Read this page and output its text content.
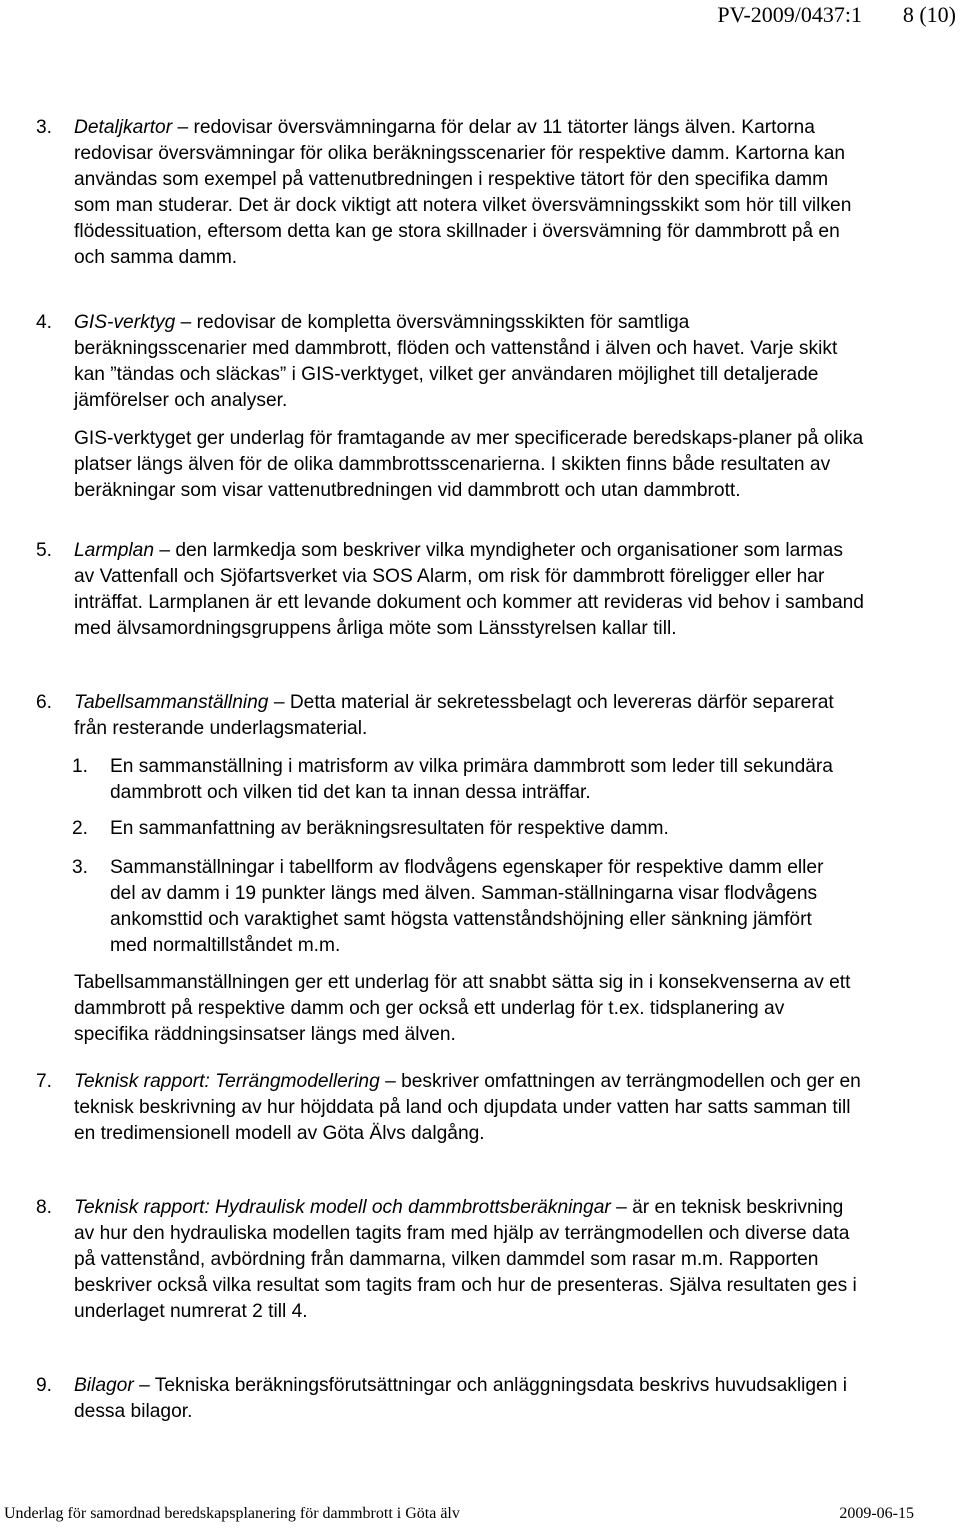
PV-2009/0437:1 8 (10)
3. Detaljkartor – redovisar översvämningarna för delar av 11 tätorter längs älven. Kartorna redovisar översvämningar för olika beräkningsscenarier för respektive damm. Kartorna kan användas som exempel på vattenutbredningen i respektive tätort för den specifika damm som man studerar. Det är dock viktigt att notera vilket översvämningsskikt som hör till vilken flödessituation, eftersom detta kan ge stora skillnader i översvämning för dammbrott på en och samma damm.

4. GIS-verktyg – redovisar de kompletta översvämningsskikten för samtliga beräkningsscenarier med dammbrott, flöden och vattenstånd i älven och havet. Varje skikt kan ”tändas och släckas” i GIS-verktyget, vilket ger användaren möjlighet till detaljerade jämförelser och analyser.

GIS-verktyget ger underlag för framtagande av mer specificerade beredskaps-planer på olika platser längs älven för de olika dammbrottsscenarierna. I skikten finns både resultaten av beräkningar som visar vattenutbredningen vid dammbrott och utan dammbrott.

5. Larmplan – den larmkedja som beskriver vilka myndigheter och organisationer som larmas av Vattenfall och Sjöfartsverket via SOS Alarm, om risk för dammbrott föreligger eller har inträffat. Larmplanen är ett levande dokument och kommer att revideras vid behov i samband med älvsamordningsgruppens årliga möte som Länsstyrelsen kallar till.

6. Tabellsammanställning – Detta material är sekretessbelagt och levereras därför separerat från resterande underlagsmaterial.

1. En sammanställning i matrisform av vilka primära dammbrott som leder till sekundära dammbrott och vilken tid det kan ta innan dessa inträffar.

2. En sammanfattning av beräkningsresultaten för respektive damm.

3. Sammanställningar i tabellform av flodvågens egenskaper för respektive damm eller del av damm i 19 punkter längs med älven. Samman-ställningarna visar flodvågens ankomsttid och varaktighet samt högsta vattenståndshöjning eller sänkning jämfört med normaltillståndet m.m.

Tabellsammanställningen ger ett underlag för att snabbt sätta sig in i konsekvenserna av ett dammbrott på respektive damm och ger också ett underlag för t.ex. tidsplanering av specifika räddningsinsatser längs med älven.

7. Teknisk rapport: Terrängmodellering – beskriver omfattningen av terrängmodellen och ger en teknisk beskrivning av hur höjddata på land och djupdata under vatten har satts samman till en tredimensionell modell av Göta Älvs dalgång.

8. Teknisk rapport: Hydraulisk modell och dammbrottsberäkningar – är en teknisk beskrivning av hur den hydrauliska modellen tagits fram med hjälp av terrängmodellen och diverse data på vattenstånd, avbördning från dammarna, vilken dammdel som rasar m.m. Rapporten beskriver också vilka resultat som tagits fram och hur de presenteras. Själva resultaten ges i underlaget numrerat 2 till 4.

9. Bilagor – Tekniska beräkningsförutsättningar och anläggningsdata beskrivs huvudsakligen i dessa bilagor.

Underlag för samordnad beredskapsplanering för dammbrott i Göta älv	2009-06-15
